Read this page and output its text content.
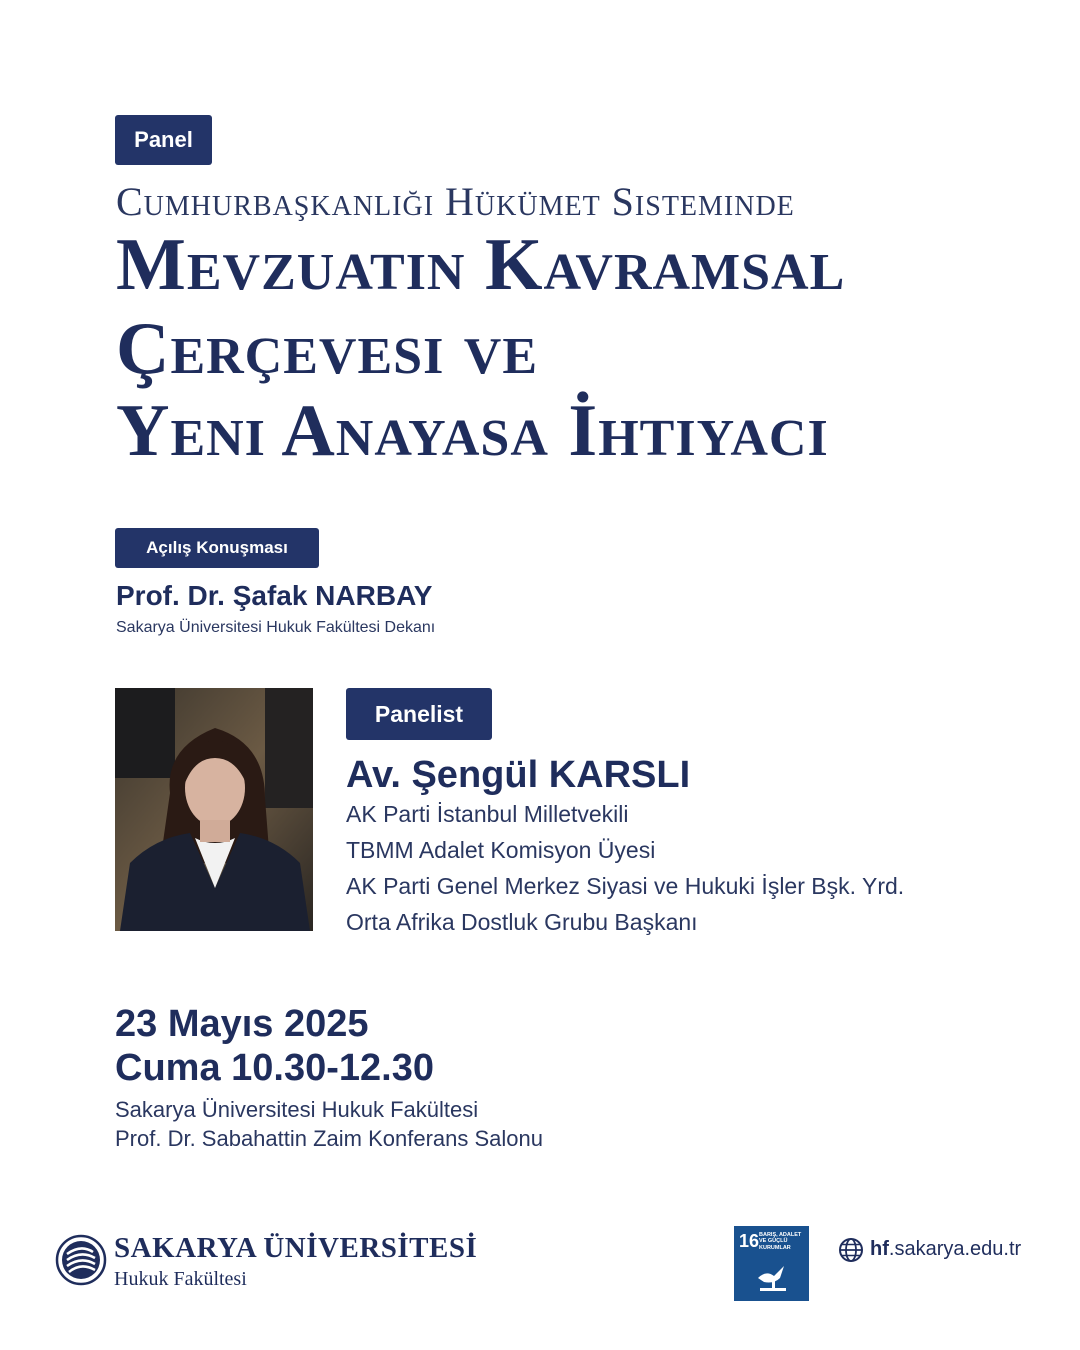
Panel
Cumhurbaşkanlığı Hükümet Sisteminde
Mevzuatın Kavramsal
Çerçevesi ve
Yeni Anayasa İhtiyacı
Açılış Konuşması
Prof. Dr. Şafak NARBAY
Sakarya Üniversitesi Hukuk Fakültesi Dekanı
Panelist
Av. Şengül KARSLI
AK Parti İstanbul Milletvekili
TBMM Adalet Komisyon Üyesi
AK Parti Genel Merkez Siyasi ve Hukuki İşler Bşk. Yrd.
Orta Afrika Dostluk Grubu Başkanı
23 Mayıs 2025
Cuma 10.30-12.30
Sakarya Üniversitesi Hukuk Fakültesi
Prof. Dr. Sabahattin Zaim Konferans Salonu
SAKARYA ÜNİVERSİTESİ
Hukuk Fakültesi
16 BARIŞ, ADALET VE GÜÇLÜ KURUMLAR	hf.sakarya.edu.tr
